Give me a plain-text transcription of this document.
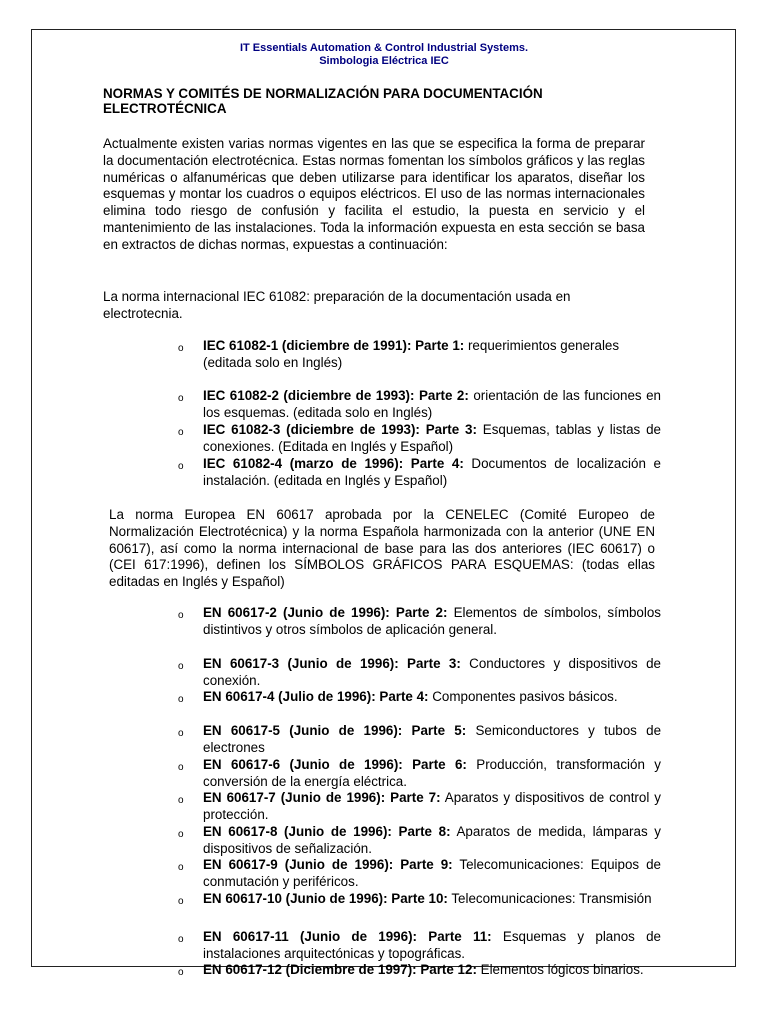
IT Essentials Automation & Control Industrial Systems.
Simbologia Eléctrica IEC
NORMAS Y COMITÉS DE NORMALIZACIÓN PARA DOCUMENTACIÓN ELECTROTÉCNICA
Actualmente existen varias normas vigentes en las que se especifica la forma de preparar la documentación electrotécnica. Estas normas fomentan los símbolos gráficos y las reglas numéricas o alfanuméricas que deben utilizarse para identificar los aparatos, diseñar los esquemas y montar los cuadros o equipos eléctricos. El uso de las normas internacionales elimina todo riesgo de confusión y facilita el estudio, la puesta en servicio y el mantenimiento de las instalaciones. Toda la información expuesta en esta sección se basa en extractos de dichas normas, expuestas a continuación:
La norma internacional IEC 61082: preparación de la documentación usada en electrotecnia.
o IEC 61082-1 (diciembre de 1991): Parte 1: requerimientos generales
(editada solo en Inglés)
o IEC 61082-2 (diciembre de 1993): Parte 2: orientación de las funciones en los esquemas. (editada solo en Inglés)
o IEC 61082-3 (diciembre de 1993): Parte 3: Esquemas, tablas y listas de conexiones. (Editada en Inglés y Español)
o IEC 61082-4 (marzo de 1996): Parte 4: Documentos de localización e instalación. (editada en Inglés y Español)
La norma Europea EN 60617 aprobada por la CENELEC (Comité Europeo de Normalización Electrotécnica) y la norma Española harmonizada con la anterior (UNE EN 60617), así como la norma internacional de base para las dos anteriores (IEC 60617) o (CEI 617:1996), definen los SÍMBOLOS GRÁFICOS PARA ESQUEMAS: (todas ellas editadas en Inglés y Español)
o EN 60617-2 (Junio de 1996): Parte 2: Elementos de símbolos, símbolos distintivos y otros símbolos de aplicación general.
o EN 60617-3 (Junio de 1996): Parte 3: Conductores y dispositivos de conexión.
o EN 60617-4 (Julio de 1996): Parte 4: Componentes pasivos básicos.
o EN 60617-5 (Junio de 1996): Parte 5: Semiconductores y tubos de electrones
o EN 60617-6 (Junio de 1996): Parte 6: Producción, transformación y conversión de la energía eléctrica.
o EN 60617-7 (Junio de 1996): Parte 7: Aparatos y dispositivos de control y protección.
o EN 60617-8 (Junio de 1996): Parte 8: Aparatos de medida, lámparas y dispositivos de señalización.
o EN 60617-9 (Junio de 1996): Parte 9: Telecomunicaciones: Equipos de conmutación y periféricos.
o EN 60617-10 (Junio de 1996): Parte 10: Telecomunicaciones: Transmisión
o EN 60617-11 (Junio de 1996): Parte 11: Esquemas y planos de instalaciones arquitectónicas y topográficas.
o EN 60617-12 (Diciembre de 1997): Parte 12: Elementos lógicos binarios.
